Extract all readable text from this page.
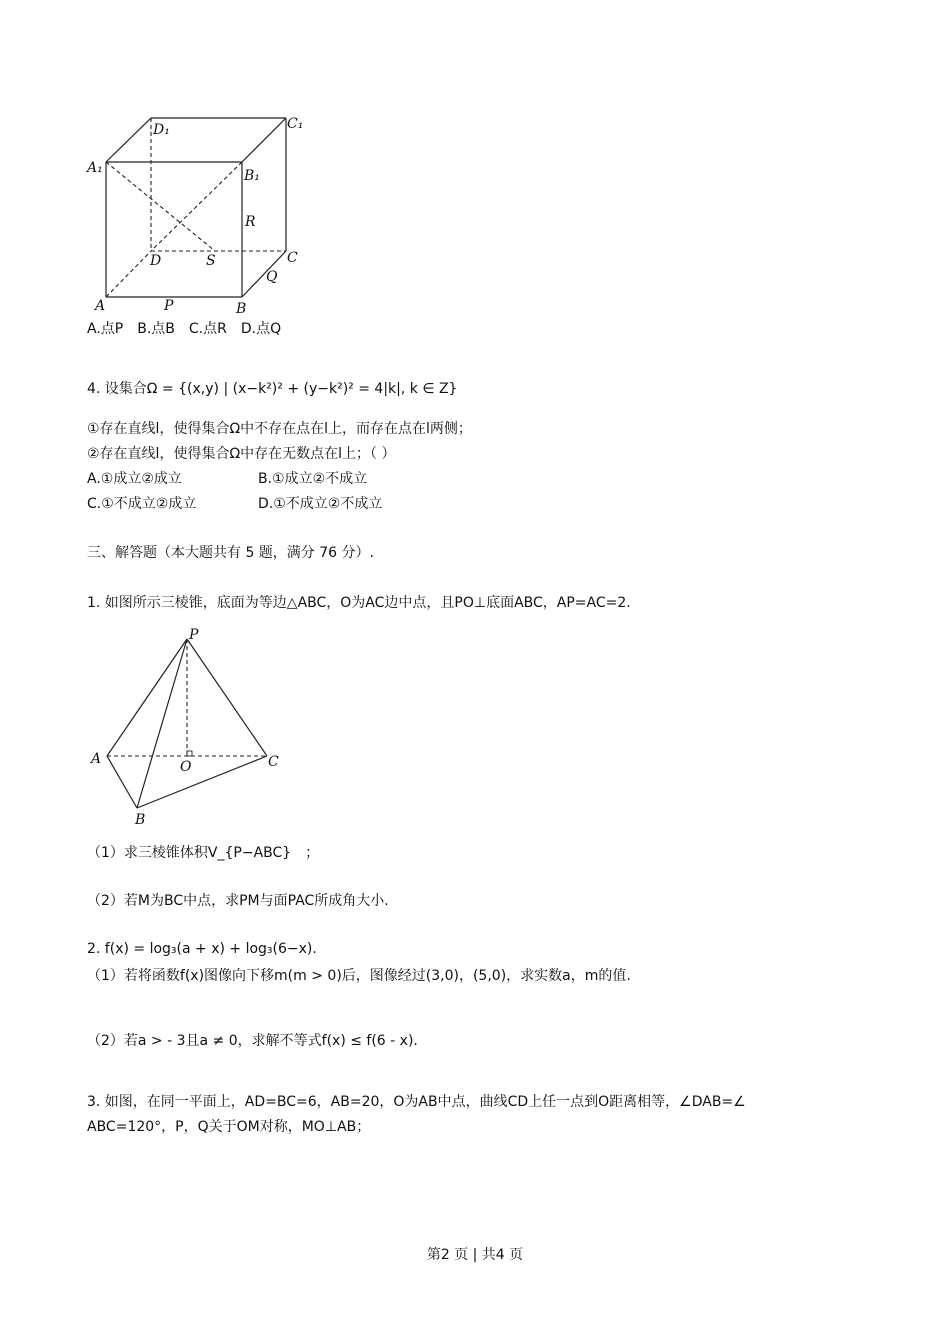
D₁	C₁
A₁	B₁
R
D	S	C
Q
A	P	B
A.点P　B.点B　C.点R　D.点Q
4. 设集合Ω = {(x,y) | (x−k²)² + (y−k²)² = 4|k|, k ∈ Z}
①存在直线l，使得集合Ω中不存在点在l上，而存在点在l两侧；
②存在直线l，使得集合Ω中存在无数点在l上；（ ）
A.①成立②成立	B.①成立②不成立
C.①不成立②成立	D.①不成立②不成立
三、解答题（本大题共有 5 题，满分 76 分）.
1. 如图所示三棱锥，底面为等边△ABC，O为AC边中点，且PO⊥底面ABC，AP=AC=2.
P
A	O	C
B
（1）求三棱锥体积V_{P−ABC}　；
（2）若M为BC中点，求PM与面PAC所成角大小.
2. f(x) = log₃(a + x) + log₃(6−x).
（1）若将函数f(x)图像向下移m(m > 0)后，图像经过(3,0)，(5,0)，求实数a，m的值.
（2）若a > - 3且a ≠ 0，求解不等式f(x) ≤ f(6 - x).
3. 如图，在同一平面上，AD=BC=6，AB=20，O为AB中点，曲线CD上任一点到O距离相等，∠DAB=∠
ABC=120°，P，Q关于OM对称，MO⊥AB；
第2 页 | 共4 页
